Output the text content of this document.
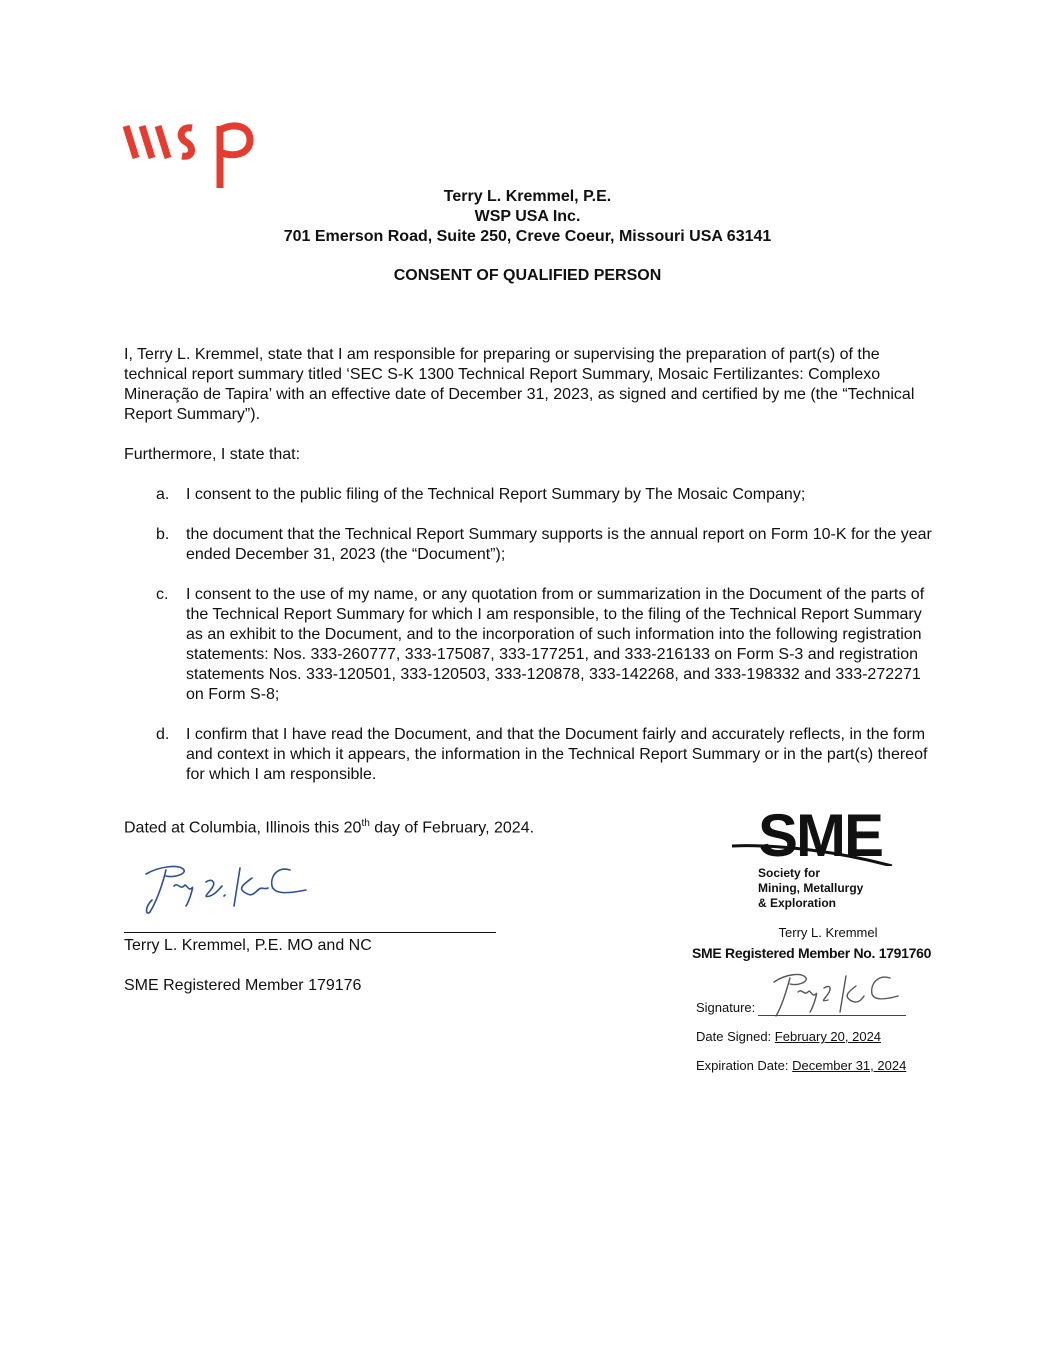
Terry L. Kremmel, P.E.
WSP USA Inc.
701 Emerson Road, Suite 250, Creve Coeur, Missouri USA 63141
CONSENT OF QUALIFIED PERSON

I, Terry L. Kremmel, state that I am responsible for preparing or supervising the preparation of part(s) of the technical report summary titled ‘SEC S-K 1300 Technical Report Summary, Mosaic Fertilizantes: Complexo Mineração de Tapira’ with an effective date of December 31, 2023, as signed and certified by me (the “Technical Report Summary”).

Furthermore, I state that:

a.	I consent to the public filing of the Technical Report Summary by The Mosaic Company;
b.	the document that the Technical Report Summary supports is the annual report on Form 10-K for the year ended December 31, 2023 (the “Document”);
c.	I consent to the use of my name, or any quotation from or summarization in the Document of the parts of the Technical Report Summary for which I am responsible, to the filing of the Technical Report Summary as an exhibit to the Document, and to the incorporation of such information into the following registration statements: Nos. 333-260777, 333-175087, 333-177251, and 333-216133 on Form S-3 and registration statements Nos. 333-120501, 333-120503, 333-120878, 333-142268, and 333-198332 and 333-272271 on Form S-8;
d.	I confirm that I have read the Document, and that the Document fairly and accurately reflects, in the form and context in which it appears, the information in the Technical Report Summary or in the part(s) thereof for which I am responsible.
Dated at Columbia, Illinois this 20th day of February, 2024.
Terry L. Kremmel, P.E. MO and NC
SME Registered Member 179176
SME
Society for
Mining, Metallurgy
& Exploration
Terry L. Kremmel
SME Registered Member No. 1791760
Signature:
Date Signed: February 20, 2024
Expiration Date: December 31, 2024
